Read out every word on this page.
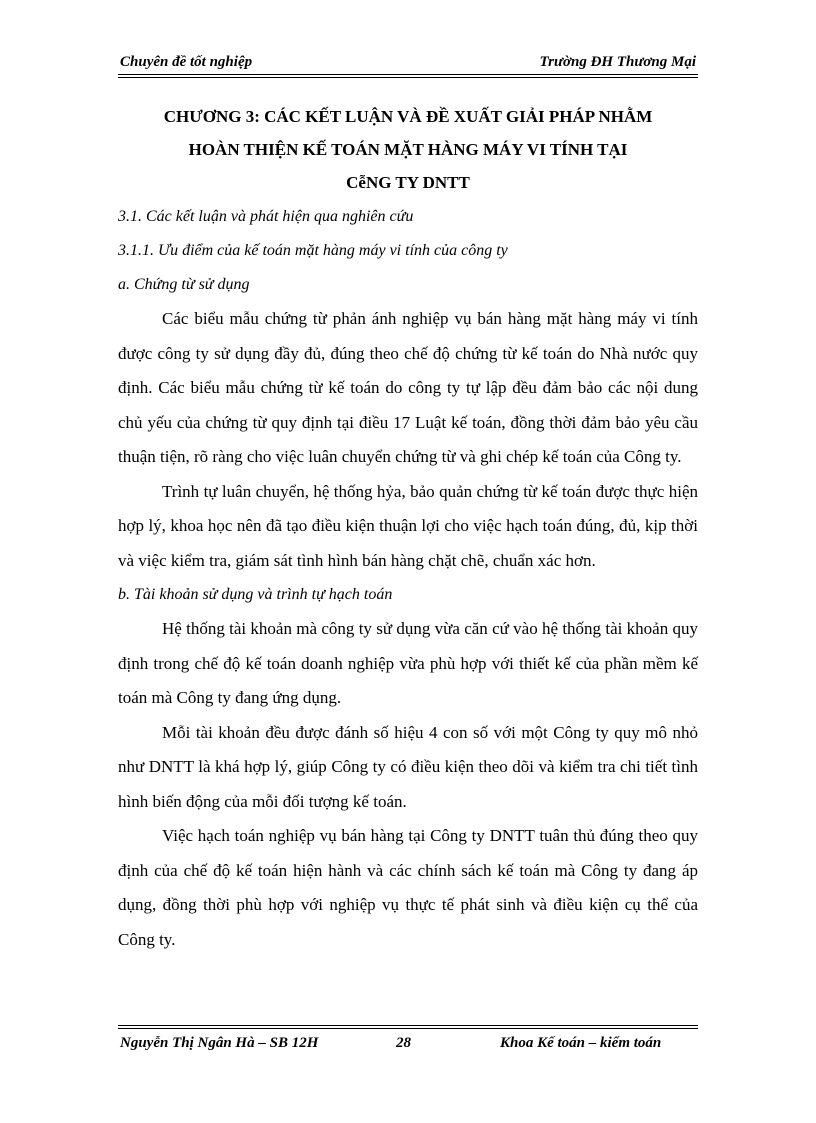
Chuyên đề tốt nghiệp	Trường ĐH Thương Mại
CHƯƠNG 3: CÁC KẾT LUẬN VÀ ĐỀ XUẤT GIẢI PHÁP NHẰM
HOÀN THIỆN KẾ TOÁN MẶT HÀNG MÁY VI TÍNH TẠI
CễNG TY DNTT

3.1. Các kết luận và phát hiện qua nghiên cứu

3.1.1. Ưu điểm của kế toán mặt hàng máy vi tính của công ty

a. Chứng từ sử dụng

Các biểu mẫu chứng từ phản ánh nghiệp vụ bán hàng mặt hàng máy vi tính được công ty sử dụng đầy đủ, đúng theo chế độ chứng từ kế toán do Nhà nước quy định. Các biểu mẫu chứng từ kế toán do công ty tự lập đều đảm bảo các nội dung chủ yếu của chứng từ quy định tại điều 17 Luật kế toán, đồng thời đảm bảo yêu cầu thuận tiện, rõ ràng cho việc luân chuyển chứng từ và ghi chép kế toán của Công ty.

Trình tự luân chuyển, hệ thống hỷa, bảo quản chứng từ kế toán được thực hiện hợp lý, khoa học nên đã tạo điều kiện thuận lợi cho việc hạch toán đúng, đủ, kịp thời và việc kiểm tra, giám sát tình hình bán hàng chặt chẽ, chuẩn xác hơn.

b. Tài khoản sử dụng và trình tự hạch toán

Hệ thống tài khoản mà công ty sử dụng vừa căn cứ vào hệ thống tài khoản quy định trong chế độ kế toán doanh nghiệp vừa phù hợp với thiết kế của phần mềm kế toán mà Công ty đang ứng dụng.

Mỗi tài khoản đều được đánh số hiệu 4 con số với một Công ty quy mô nhỏ như DNTT là khá hợp lý, giúp Công ty có điều kiện theo dõi và kiểm tra chi tiết tình hình biến động của mỗi đối tượng kế toán.

Việc hạch toán nghiệp vụ bán hàng tại Công ty DNTT tuân thủ đúng theo quy định của chế độ kế toán hiện hành và các chính sách kế toán mà Công ty đang áp dụng, đồng thời phù hợp với nghiệp vụ thực tế phát sinh và điều kiện cụ thể của Công ty.

Nguyễn Thị Ngân Hà – SB 12H	28	Khoa Kế toán – kiểm toán
